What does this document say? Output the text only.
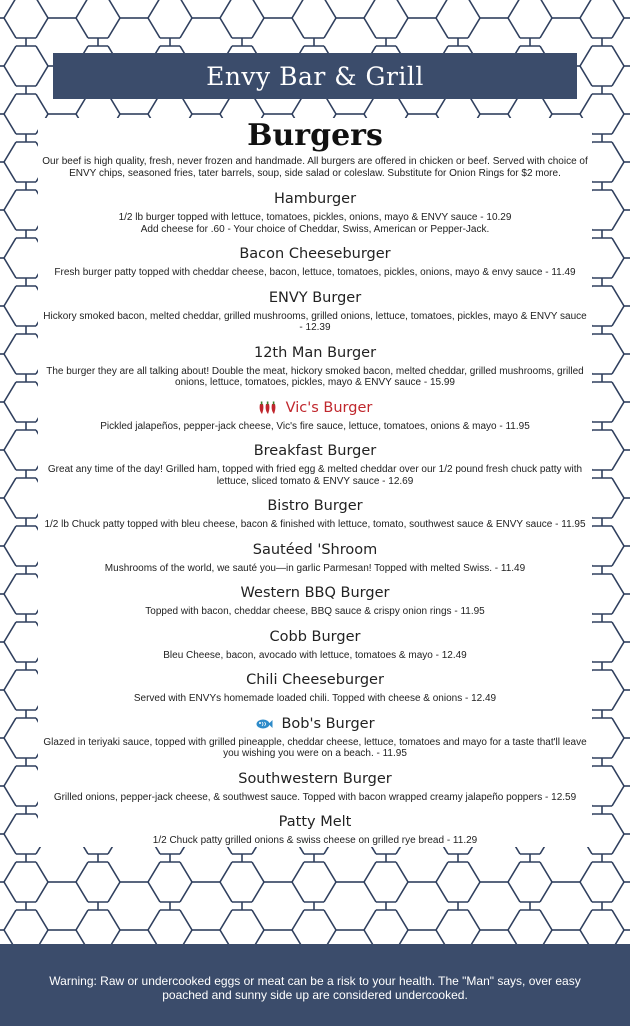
Envy Bar & Grill
Burgers
Our beef is high quality, fresh, never frozen and handmade. All burgers are offered in chicken or beef. Served with choice of ENVY chips, seasoned fries, tater barrels, soup, side salad or coleslaw. Substitute for Onion Rings for $2 more.
Hamburger
1/2 lb burger topped with lettuce, tomatoes, pickles, onions, mayo & ENVY sauce - 10.29
Add cheese for .60 - Your choice of Cheddar, Swiss, American or Pepper-Jack.
Bacon Cheeseburger
Fresh burger patty topped with cheddar cheese, bacon, lettuce, tomatoes, pickles, onions, mayo & envy sauce - 11.49
ENVY Burger
Hickory smoked bacon, melted cheddar, grilled mushrooms, grilled onions, lettuce, tomatoes, pickles, mayo & ENVY sauce - 12.39
12th Man Burger
The burger they are all talking about! Double the meat, hickory smoked bacon, melted cheddar, grilled mushrooms, grilled onions, lettuce, tomatoes, pickles, mayo & ENVY sauce - 15.99
Vic's Burger
Pickled jalapeños, pepper-jack cheese, Vic's fire sauce, lettuce, tomatoes, onions & mayo - 11.95
Breakfast Burger
Great any time of the day! Grilled ham, topped with fried egg & melted cheddar over our 1/2 pound fresh chuck patty with lettuce, sliced tomato & ENVY sauce - 12.69
Bistro Burger
1/2 lb Chuck patty topped with bleu cheese, bacon & finished with lettuce, tomato, southwest sauce & ENVY sauce - 11.95
Sautéed 'Shroom
Mushrooms of the world, we sauté you—in garlic Parmesan! Topped with melted Swiss. - 11.49
Western BBQ Burger
Topped with bacon, cheddar cheese, BBQ sauce & crispy onion rings - 11.95
Cobb Burger
Bleu Cheese, bacon, avocado with lettuce, tomatoes & mayo - 12.49
Chili Cheeseburger
Served with ENVYs homemade loaded chili. Topped with cheese & onions - 12.49
Bob's Burger
Glazed in teriyaki sauce, topped with grilled pineapple, cheddar cheese, lettuce, tomatoes and mayo for a taste that'll leave you wishing you were on a beach. - 11.95
Southwestern Burger
Grilled onions, pepper-jack cheese, & southwest sauce. Topped with bacon wrapped creamy jalapeño poppers - 12.59
Patty Melt
1/2 Chuck patty grilled onions & swiss cheese on grilled rye bread - 11.29
Warning: Raw or undercooked eggs or meat can be a risk to your health. The "Man" says, over easy poached and sunny side up are considered undercooked.
